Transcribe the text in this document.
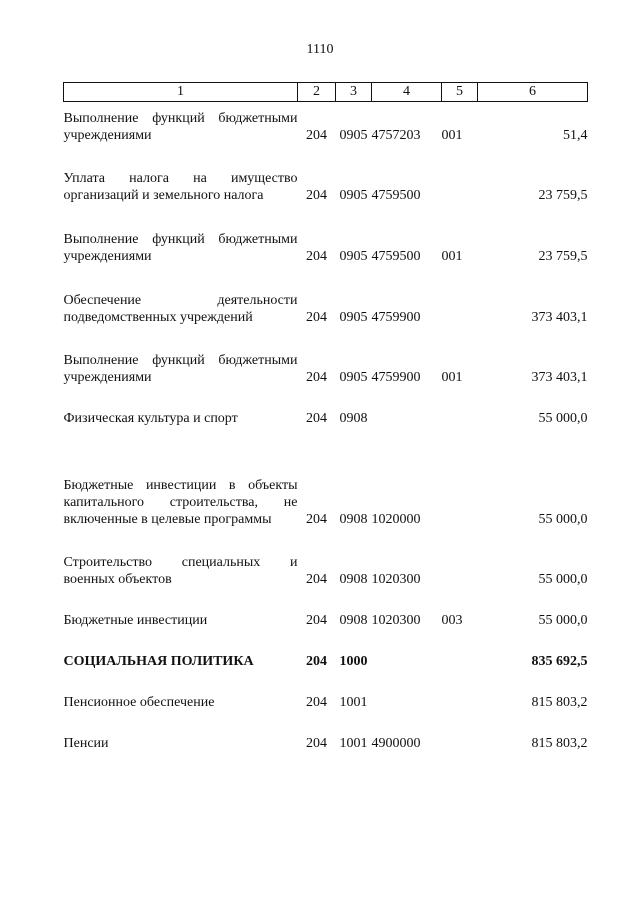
1110
1	2	3	4	5	6
Выполнение функций бюджетными учреждениями	204	0905	4757203	001	51,4
Уплата налога на имущество организаций и земельного налога	204	0905	4759500		23 759,5
Выполнение функций бюджетными учреждениями	204	0905	4759500	001	23 759,5
Обеспечение деятельности подведомственных учреждений	204	0905	4759900		373 403,1
Выполнение функций бюджетными учреждениями	204	0905	4759900	001	373 403,1
Физическая культура и спорт	204	0908			55 000,0
Бюджетные инвестиции в объекты капитального строительства, не включенные в целевые программы	204	0908	1020000		55 000,0
Строительство специальных и военных объектов	204	0908	1020300		55 000,0
Бюджетные инвестиции	204	0908	1020300	003	55 000,0
СОЦИАЛЬНАЯ ПОЛИТИКА	204	1000			835 692,5
Пенсионное обеспечение	204	1001			815 803,2
Пенсии	204	1001	4900000		815 803,2
